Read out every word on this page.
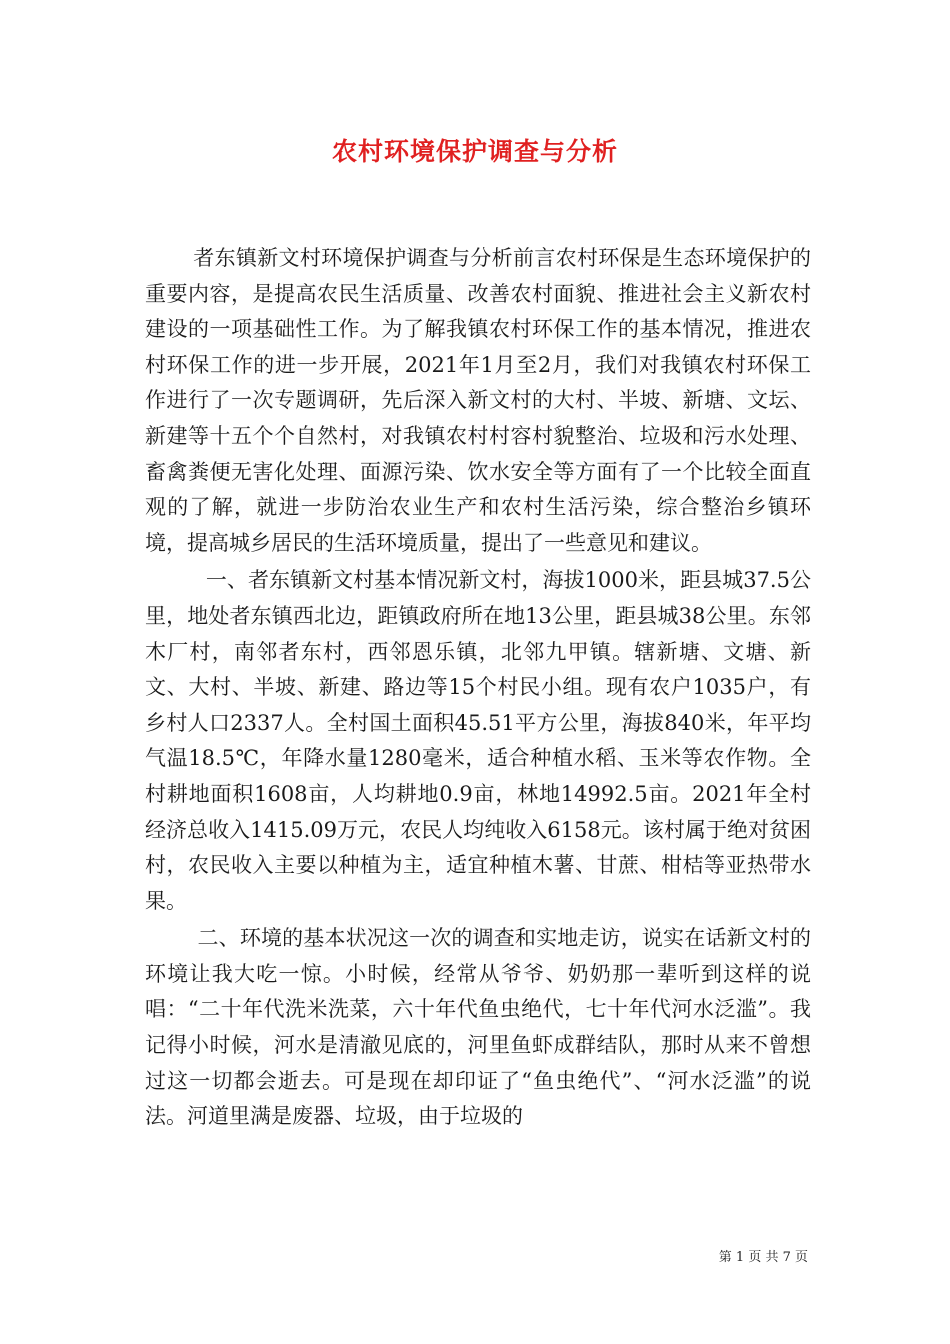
农村环境保护调查与分析

者东镇新文村环境保护调查与分析前言农村环保是生态环境保护的重要内容，是提高农民生活质量、改善农村面貌、推进社会主义新农村建设的一项基础性工作。为了解我镇农村环保工作的基本情况，推进农村环保工作的进一步开展，2021年1月至2月，我们对我镇农村环保工作进行了一次专题调研，先后深入新文村的大村、半坡、新塘、文坛、新建等十五个个自然村，对我镇农村村容村貌整治、垃圾和污水处理、畜禽粪便无害化处理、面源污染、饮水安全等方面有了一个比较全面直观的了解，就进一步防治农业生产和农村生活污染，综合整治乡镇环境，提高城乡居民的生活环境质量，提出了一些意见和建议。

一、者东镇新文村基本情况新文村，海拔1000米，距县城37.5公里，地处者东镇西北边，距镇政府所在地13公里，距县城38公里。东邻木厂村，南邻者东村，西邻恩乐镇，北邻九甲镇。辖新塘、文塘、新文、大村、半坡、新建、路边等15个村民小组。现有农户1035户，有乡村人口2337人。全村国土面积45.51平方公里，海拔840米，年平均气温18.5℃，年降水量1280毫米，适合种植水稻、玉米等农作物。全村耕地面积1608亩，人均耕地0.9亩，林地14992.5亩。2021年全村经济总收入1415.09万元，农民人均纯收入6158元。该村属于绝对贫困村，农民收入主要以种植为主，适宜种植木薯、甘蔗、柑桔等亚热带水果。

二、环境的基本状况这一次的调查和实地走访，说实在话新文村的环境让我大吃一惊。小时候，经常从爷爷、奶奶那一辈听到这样的说唱：“二十年代洗米洗菜，六十年代鱼虫绝代，七十年代河水泛滥”。我记得小时候，河水是清澈见底的，河里鱼虾成群结队，那时从来不曾想过这一切都会逝去。可是现在却印证了“鱼虫绝代”、“河水泛滥”的说法。河道里满是废器、垃圾，由于垃圾的

第 1 页 共 7 页
